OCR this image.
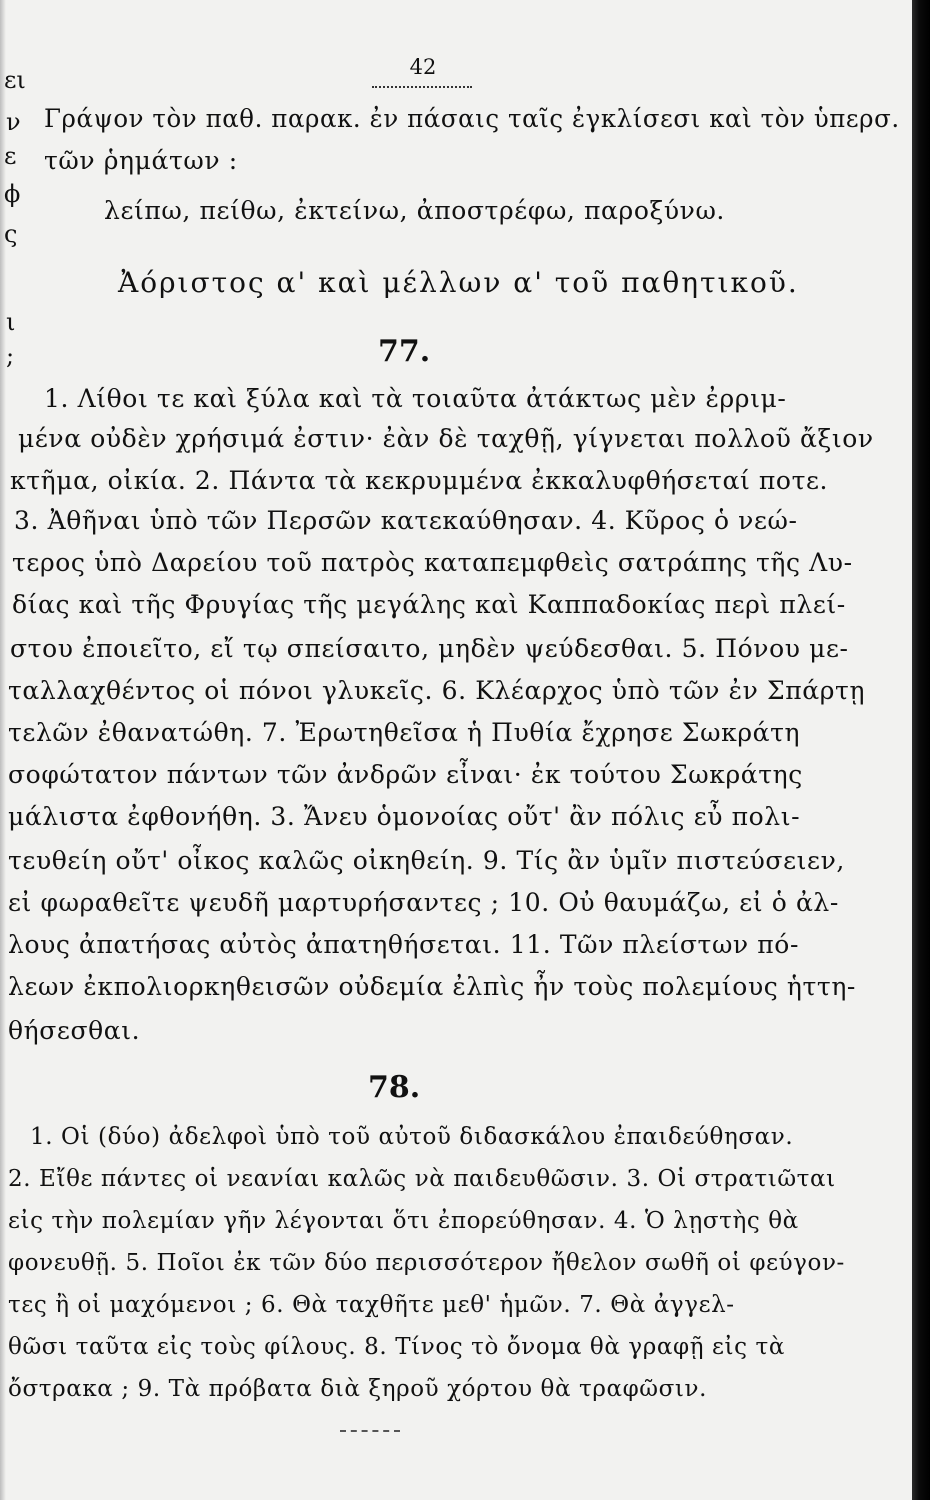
42
ει
ν
ε
ϕ
ς
ι
;
Γράψον τὸν παθ. παρακ. ἐν πάσαις ταῖς ἐγκλίσεσι καὶ τὸν ὑπερσ.
τῶν ῥημάτων :
λείπω, πείθω, ἐκτείνω, ἀποστρέφω, παροξύνω.
Ἀόριστος α' καὶ μέλλων α' τοῦ παθητικοῦ.
77.
1. Λίθοι τε καὶ ξύλα καὶ τὰ τοιαῦτα ἀτάκτως μὲν ἐρριμ-
μένα οὐδὲν χρήσιμά ἐστιν· ἐὰν δὲ ταχθῇ, γίγνεται πολλοῦ ἄξιον
κτῆμα, οἰκία. 2. Πάντα τὰ κεκρυμμένα ἐκκαλυφθήσεταί ποτε.
3. Ἀθῆναι ὑπὸ τῶν Περσῶν κατεκαύθησαν. 4. Κῦρος ὁ νεώ-
τερος ὑπὸ Δαρείου τοῦ πατρὸς καταπεμφθεὶς σατράπης τῆς Λυ-
δίας καὶ τῆς Φρυγίας τῆς μεγάλης καὶ Καππαδοκίας περὶ πλεί-
στου ἐποιεῖτο, εἴ τῳ σπείσαιτο, μηδὲν ψεύδεσθαι. 5. Πόνου με-
ταλλαχθέντος οἱ πόνοι γλυκεῖς. 6. Κλέαρχος ὑπὸ τῶν ἐν Σπάρτῃ
τελῶν ἐθανατώθη. 7. Ἐρωτηθεῖσα ἡ Πυθία ἔχρησε Σωκράτη
σοφώτατον πάντων τῶν ἀνδρῶν εἶναι· ἐκ τούτου Σωκράτης
μάλιστα ἐφθονήθη. 3. Ἄνευ ὁμονοίας οὔτ' ἂν πόλις εὖ πολι-
τευθείη οὔτ' οἶκος καλῶς οἰκηθείη. 9. Τίς ἂν ὑμῖν πιστεύσειεν,
εἰ φωραθεῖτε ψευδῆ μαρτυρήσαντες ; 10. Οὐ θαυμάζω, εἰ ὁ ἀλ-
λους ἀπατήσας αὐτὸς ἀπατηθήσεται. 11. Τῶν πλείστων πό-
λεων ἐκπολιορκηθεισῶν οὐδεμία ἐλπὶς ἦν τοὺς πολεμίους ἡττη-
θήσεσθαι.
78.
1. Οἱ (δύο) ἀδελφοὶ ὑπὸ τοῦ αὐτοῦ διδασκάλου ἐπαιδεύθησαν.
2. Εἴθε πάντες οἱ νεανίαι καλῶς νὰ παιδευθῶσιν. 3. Οἱ στρατιῶται
εἰς τὴν πολεμίαν γῆν λέγονται ὅτι ἐπορεύθησαν. 4. Ὁ λῃστὴς θὰ
φονευθῇ. 5. Ποῖοι ἐκ τῶν δύο περισσότερον ἤθελον σωθῆ οἱ φεύγον-
τες ἢ οἱ μαχόμενοι ; 6. Θὰ ταχθῆτε μεθ' ἡμῶν. 7. Θὰ ἀγγελ-
θῶσι ταῦτα εἰς τοὺς φίλους. 8. Τίνος τὸ ὄνομα θὰ γραφῇ εἰς τὰ
ὄστρακα ; 9. Τὰ πρόβατα διὰ ξηροῦ χόρτου θὰ τραφῶσιν.
